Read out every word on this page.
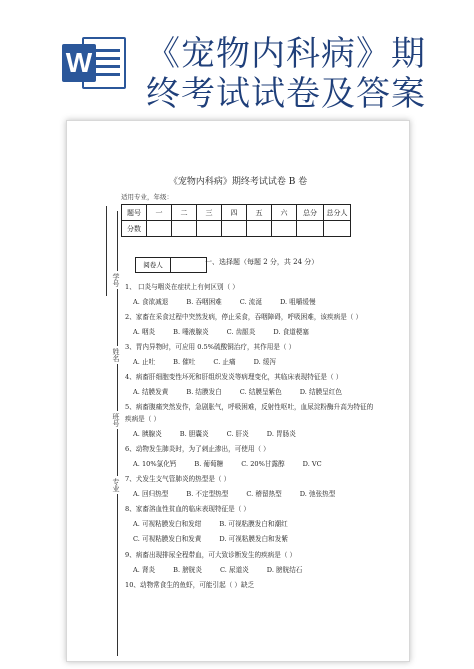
W 《宠物内科病》期
终考试试卷及答案
学号
姓名
班号
专业
《宠物内科病》期终考试试卷 B 卷
适用专业，年级：
题号	一	二	三	四	五	六	总分	总分人
分数								
阅卷人	一、选择题（每题 2 分，共 24 分）
1、 口炎与咽炎在症状上有何区别（ ）
A. 食欲减退	B. 吞咽困难	C. 流涎	D. 咀嚼缓慢
2、家畜在采食过程中突然发病，停止采食，吞咽障碍，呼吸困难，该疾病是（ ）
A. 咽炎	B. 唾液腺炎	C. 齿龈炎	D. 食道梗塞
3、胃内异物时，可应用 0.5%硫酸铜治疗，其作用是（ ）
A. 止吐	B. 催吐	C. 止痛	D. 缓泻
4、病畜肝细胞变性坏死和肝组织发炎等病理变化，其临床表现特征是（ ）
A. 结膜发黄	B. 结膜发白	C. 结膜呈紫色	D. 结膜呈红色
5、病畜腹痛突然发作，急剧胀气，呼吸困难，反射性呕吐，血尿淀粉酶升高为特征的
疾病是（ ）
A. 胰腺炎	B. 胆囊炎	C. 肝炎	D. 胃肠炎
6、动物发生肺炎时，为了刺止渗出，可使用（ ）
A. 10%氯化钙	B. 葡萄糖	C. 20%甘露醇	D. VC
7、犬发生支气管肺炎的热型是（ ）
A. 回归热型	B. 不定型热型	C. 稽留热型	D. 弛张热型
8、家畜溶血性贫血的临床表现特征是（ ）
A. 可视粘膜发白和发绀	B. 可视粘膜发白和潮红
C. 可视粘膜发白和发黄	D. 可视粘膜发白和发紫
9、病畜出现排尿全程带血，可大致诊断发生的疾病是（ ）
A. 肾炎	B. 膀胱炎	C. 尿道炎	D. 膀胱结石
10、动物常食生的鱼虾，可能引起（ ）缺乏
